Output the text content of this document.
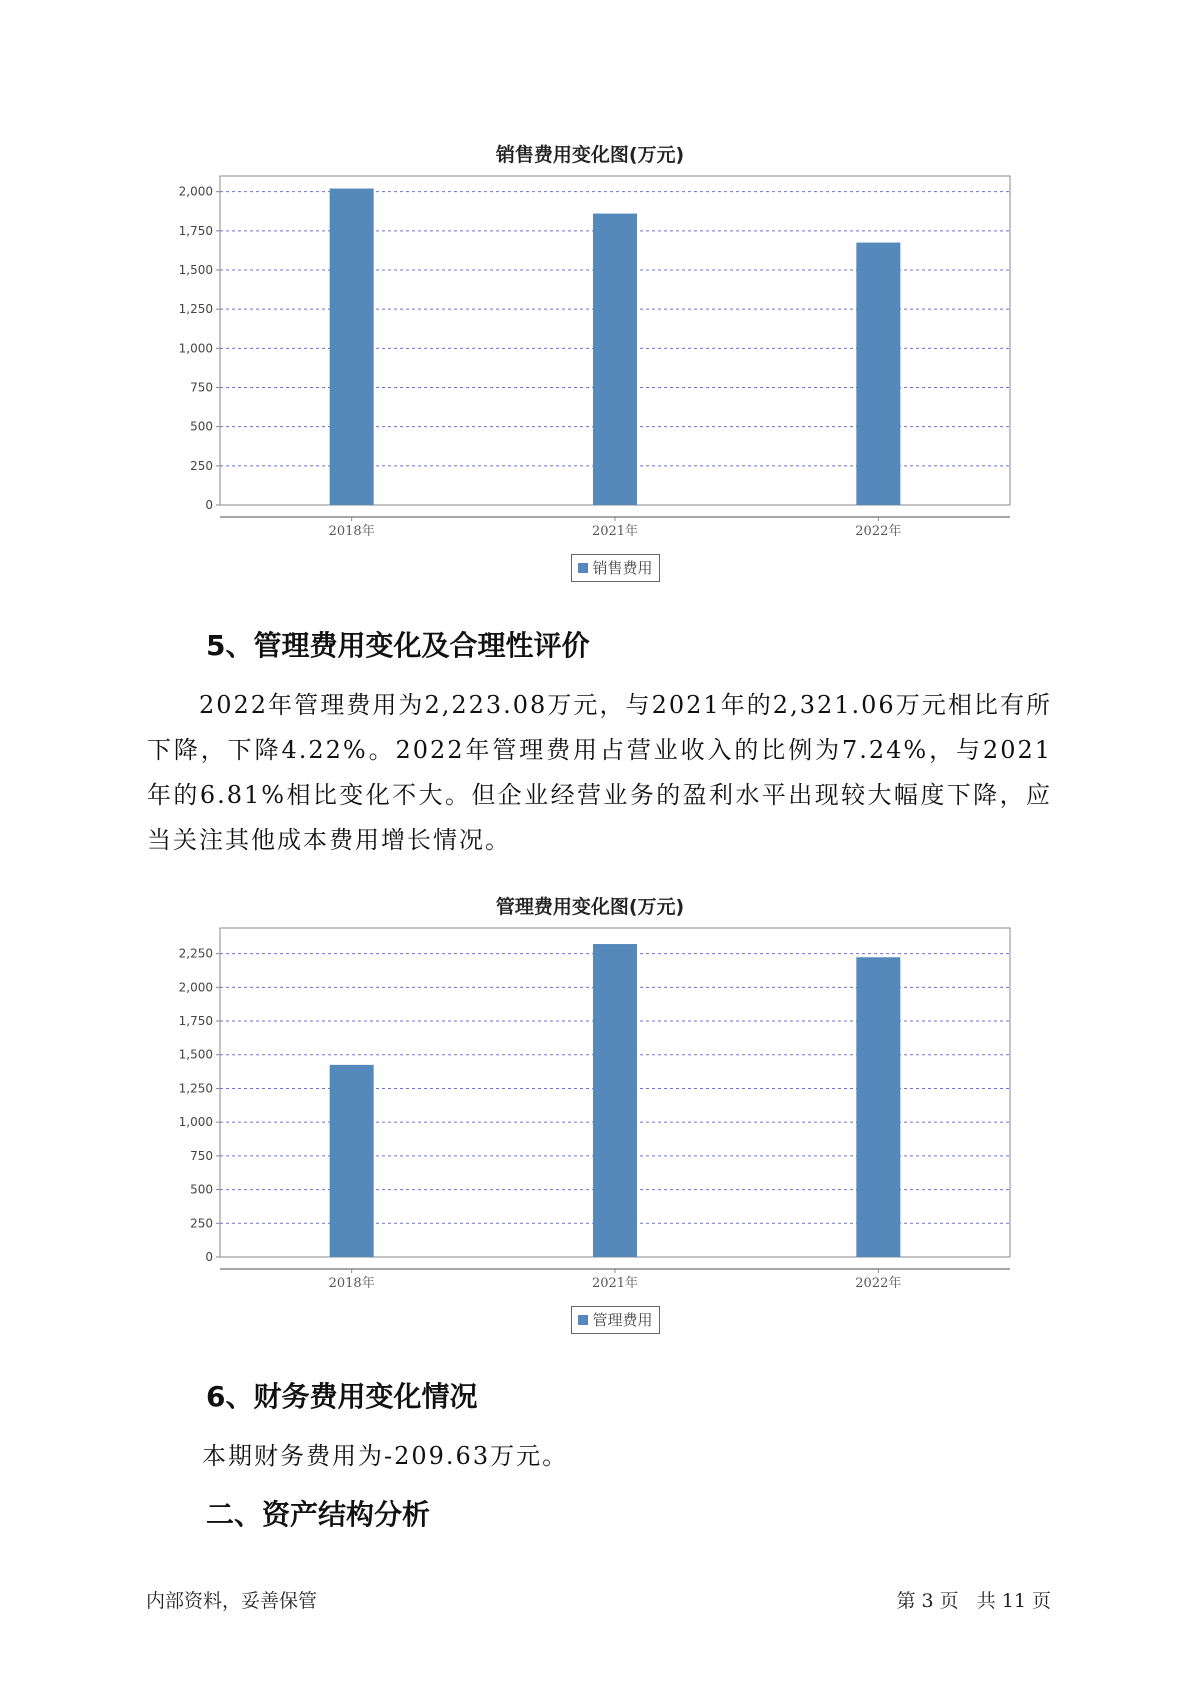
销售费用变化图(万元)
0
250
500
750
1,000
1,250
1,500
1,750
2,000
2018年	2021年	2022年
销售费用
5、管理费用变化及合理性评价

2022年管理费用为2,223.08万元，与2021年的2,321.06万元相比有所下降，下降4.22%。2022年管理费用占营业收入的比例为7.24%，与2021年的6.81%相比变化不大。但企业经营业务的盈利水平出现较大幅度下降，应当关注其他成本费用增长情况。

管理费用变化图(万元)
0
250
500
750
1,000
1,250
1,500
1,750
2,000
2,250
2018年	2021年	2022年
管理费用
6、财务费用变化情况

本期财务费用为-209.63万元。

二、资产结构分析
内部资料，妥善保管	第 3 页   共 11 页
